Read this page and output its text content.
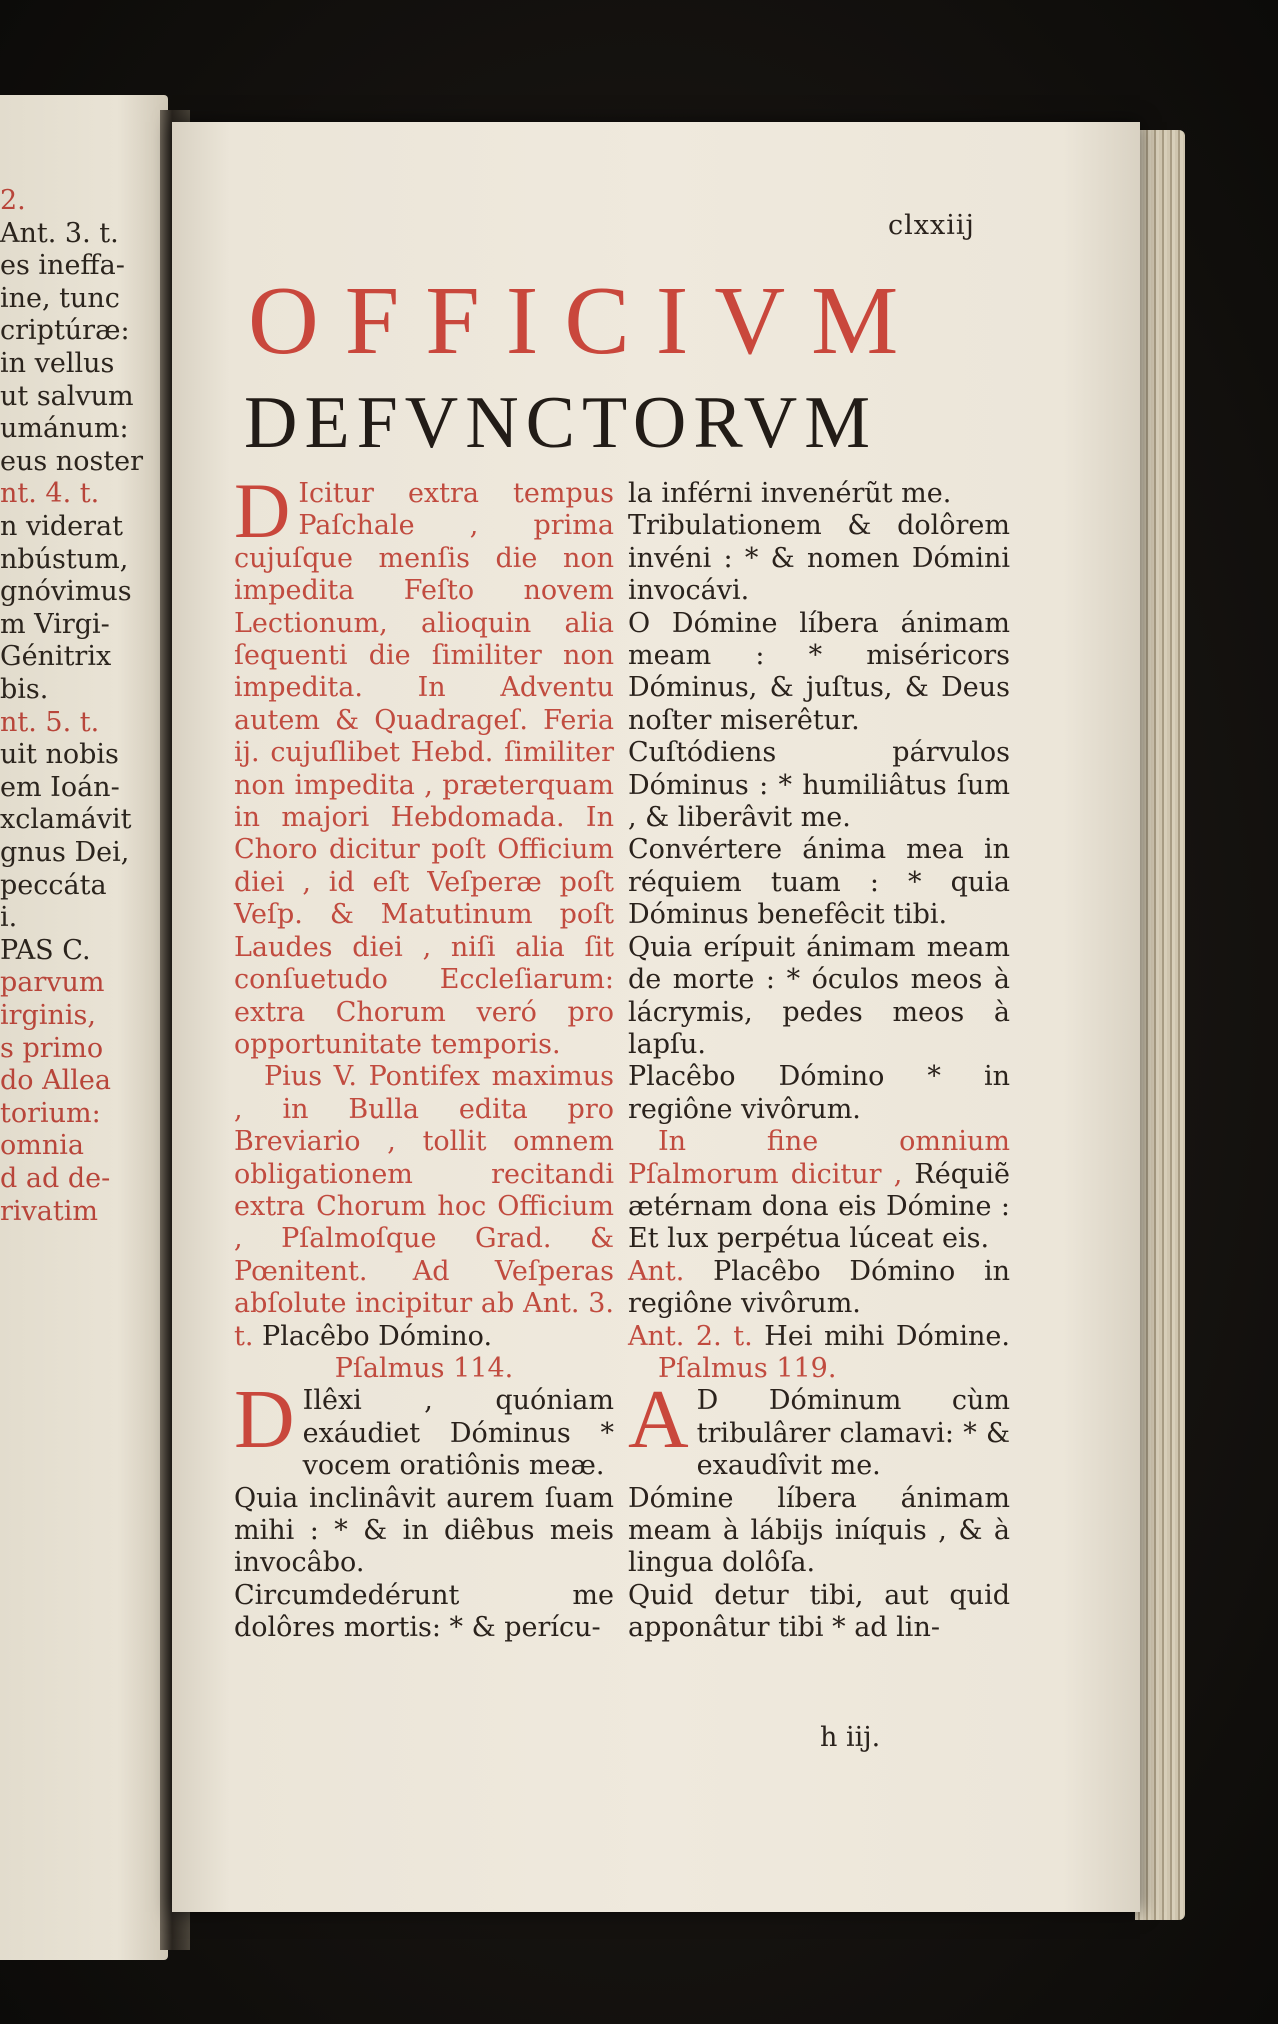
2.
Ant. 3. t.
es ineffa-
ine, tunc
criptúræ:
in vellus
ut salvum
umánum:
eus noster
nt. 4. t.
n viderat
nbústum,
gnóvimus
m Virgi-
Génitrix
bis.
nt. 5. t.
uit nobis
em Ioán-
xclamávit
gnus Dei,
peccáta
i.
PAS C.
parvum
irginis,
s primo
do Allea
torium:
omnia
d ad de-
rivatim
clxxiij
OFFICIVM
DEFVNCTORVM

D Icitur extra tempus Paſchale , prima cujuſque menſis die non impedita Feſto novem Lectionum, alioquin alia ſequenti die ſimiliter non impedita. In Adventu autem & Quadrageſ. Feria ij. cujuſlibet Hebd. ſimiliter non impedita , præterquam in majori Hebdomada. In Choro dicitur poſt Officium diei , id eſt Veſperæ poſt Veſp. & Matutinum poſt Laudes diei , niſi alia ſit conſuetudo Eccleſiarum: extra Chorum veró pro opportunitate temporis.

Pius V. Pontifex maximus , in Bulla edita pro Breviario , tollit omnem obligationem recitandi extra Chorum hoc Officium , Pſalmoſque Grad. & Pœnitent. Ad Veſperas abſolute incipitur ab Ant. 3. t. Placêbo Dómino.

Pſalmus 114.

D Ilêxi , quóniam exáudiet Dóminus * vocem oratiônis meæ.
Quia inclinâvit aurem ſuam mihi : * & in diêbus meis invocâbo.
Circumdedérunt me dolôres mortis: * & perícu-

la inférni invenérũt me.
Tribulationem & dolôrem invéni : * & nomen Dómini invocávi.
O Dómine líbera ánimam meam : * miséricors Dóminus, & juſtus, & Deus noſter miserêtur.
Cuſtódiens párvulos Dóminus : * humiliâtus ſum , & liberâvit me.
Convértere ánima mea in réquiem tuam : * quia Dóminus benefêcit tibi.
Quia erípuit ánimam meam de morte : * óculos meos à lácrymis, pedes meos à lapſu.
Placêbo Dómino * in regiône vivôrum.

In fine omnium Pſalmorum dicitur , Réquiẽ ætérnam dona eis Dómine : Et lux perpétua lúceat eis.

Ant. Placêbo Dómino in regiône vivôrum.

Ant. 2. t. Hei mihi Dómine. Pſalmus 119.

A D Dóminum cùm tribulârer clamavi: * & exaudîvit me.
Dómine líbera ánimam meam à lábijs iníquis , & à lingua dolôſa.
Quid detur tibi, aut quid apponâtur tibi * ad lin-

h iij.
